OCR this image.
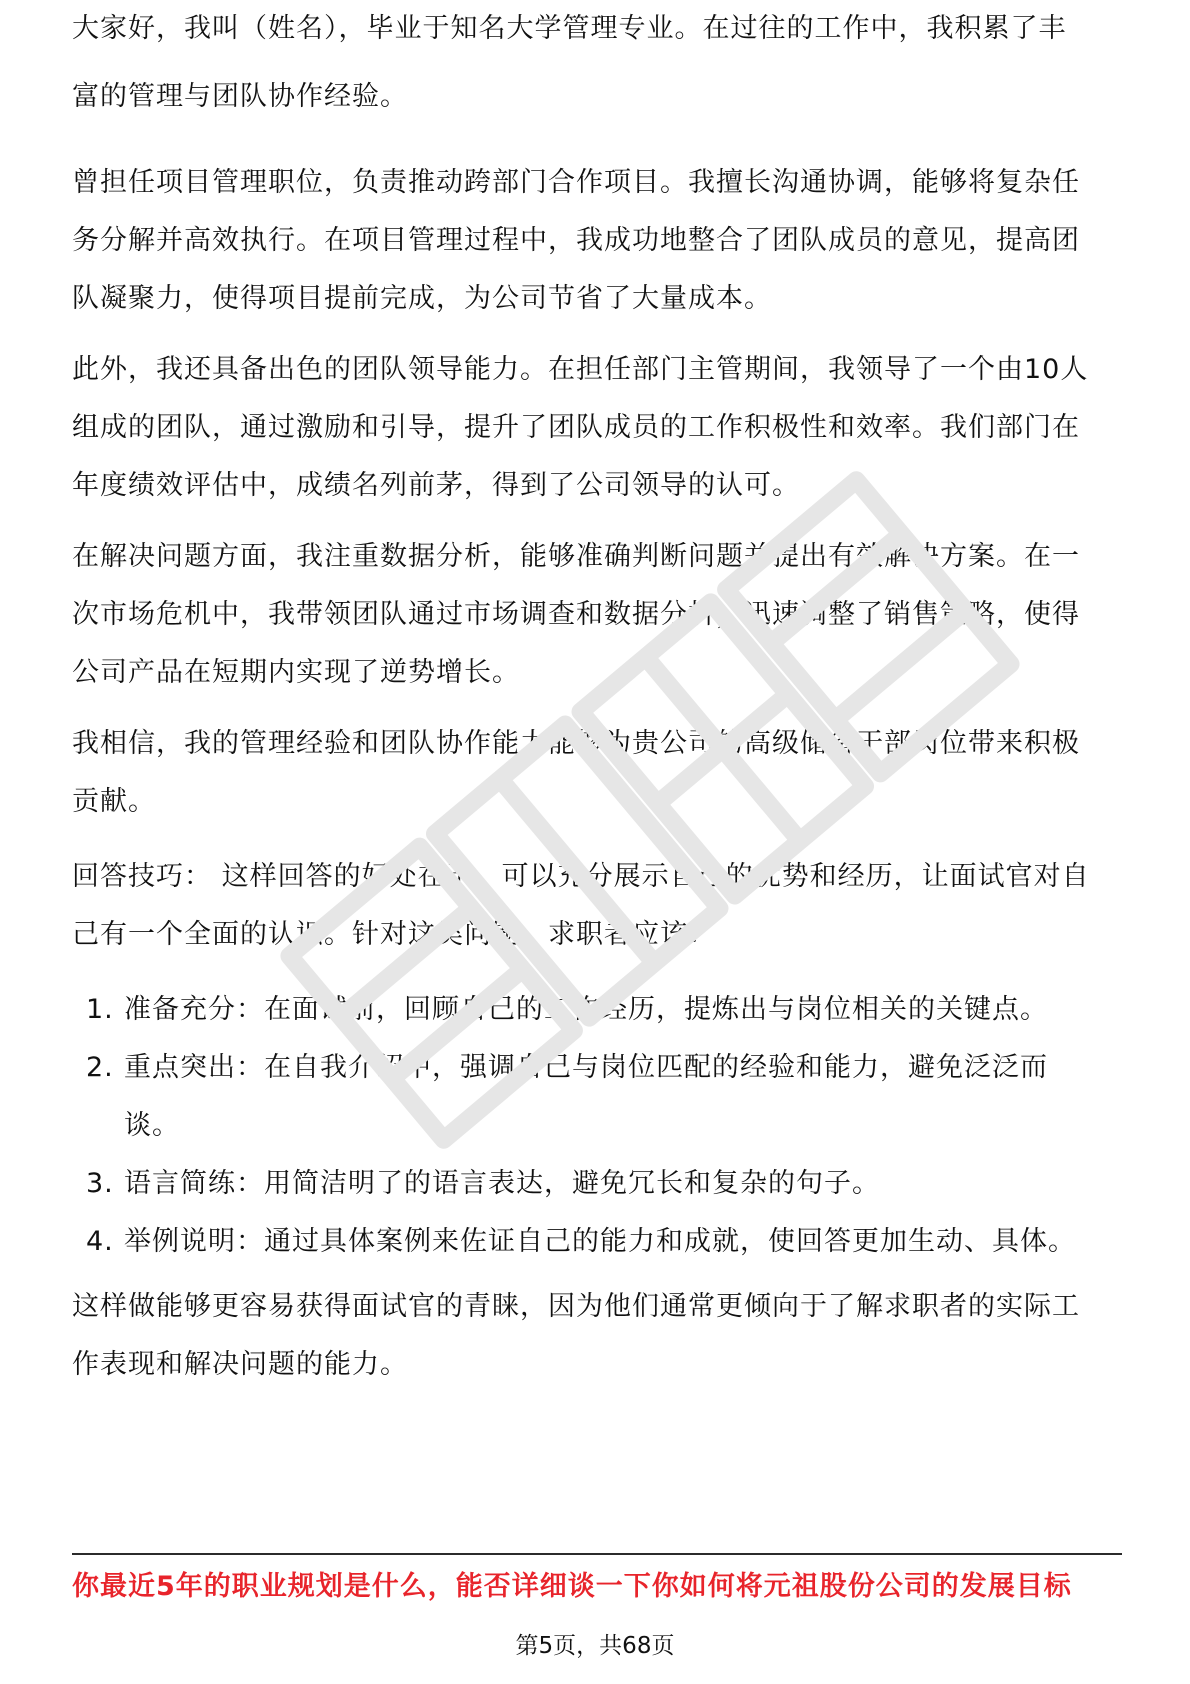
大家好，我叫（姓名），毕业于知名大学管理专业。在过往的工作中，我积累了丰

富的管理与团队协作经验。

曾担任项目管理职位，负责推动跨部门合作项目。我擅长沟通协调，能够将复杂任
务分解并高效执行。在项目管理过程中，我成功地整合了团队成员的意见，提高团
队凝聚力，使得项目提前完成，为公司节省了大量成本。

此外，我还具备出色的团队领导能力。在担任部门主管期间，我领导了一个由10人
组成的团队，通过激励和引导，提升了团队成员的工作积极性和效率。我们部门在
年度绩效评估中，成绩名列前茅，得到了公司领导的认可。

在解决问题方面，我注重数据分析，能够准确判断问题并提出有效解决方案。在一
次市场危机中，我带领团队通过市场调查和数据分析，迅速调整了销售策略，使得
公司产品在短期内实现了逆势增长。

我相信，我的管理经验和团队协作能力能够为贵公司的高级储备干部岗位带来积极
贡献。

回答技巧： 这样回答的好处在于，可以充分展示自己的优势和经历，让面试官对自
己有一个全面的认识。针对这类问题，求职者应该：

1. 准备充分：在面试前，回顾自己的工作经历，提炼出与岗位相关的关键点。
2. 重点突出：在自我介绍中，强调自己与岗位匹配的经验和能力，避免泛泛而
谈。
3. 语言简练：用简洁明了的语言表达，避免冗长和复杂的句子。
4. 举例说明：通过具体案例来佐证自己的能力和成就，使回答更加生动、具体。

这样做能够更容易获得面试官的青睐，因为他们通常更倾向于了解求职者的实际工
作表现和解决问题的能力。

你最近5年的职业规划是什么，能否详细谈一下你如何将元祖股份公司的发展目标
第5页，共68页
